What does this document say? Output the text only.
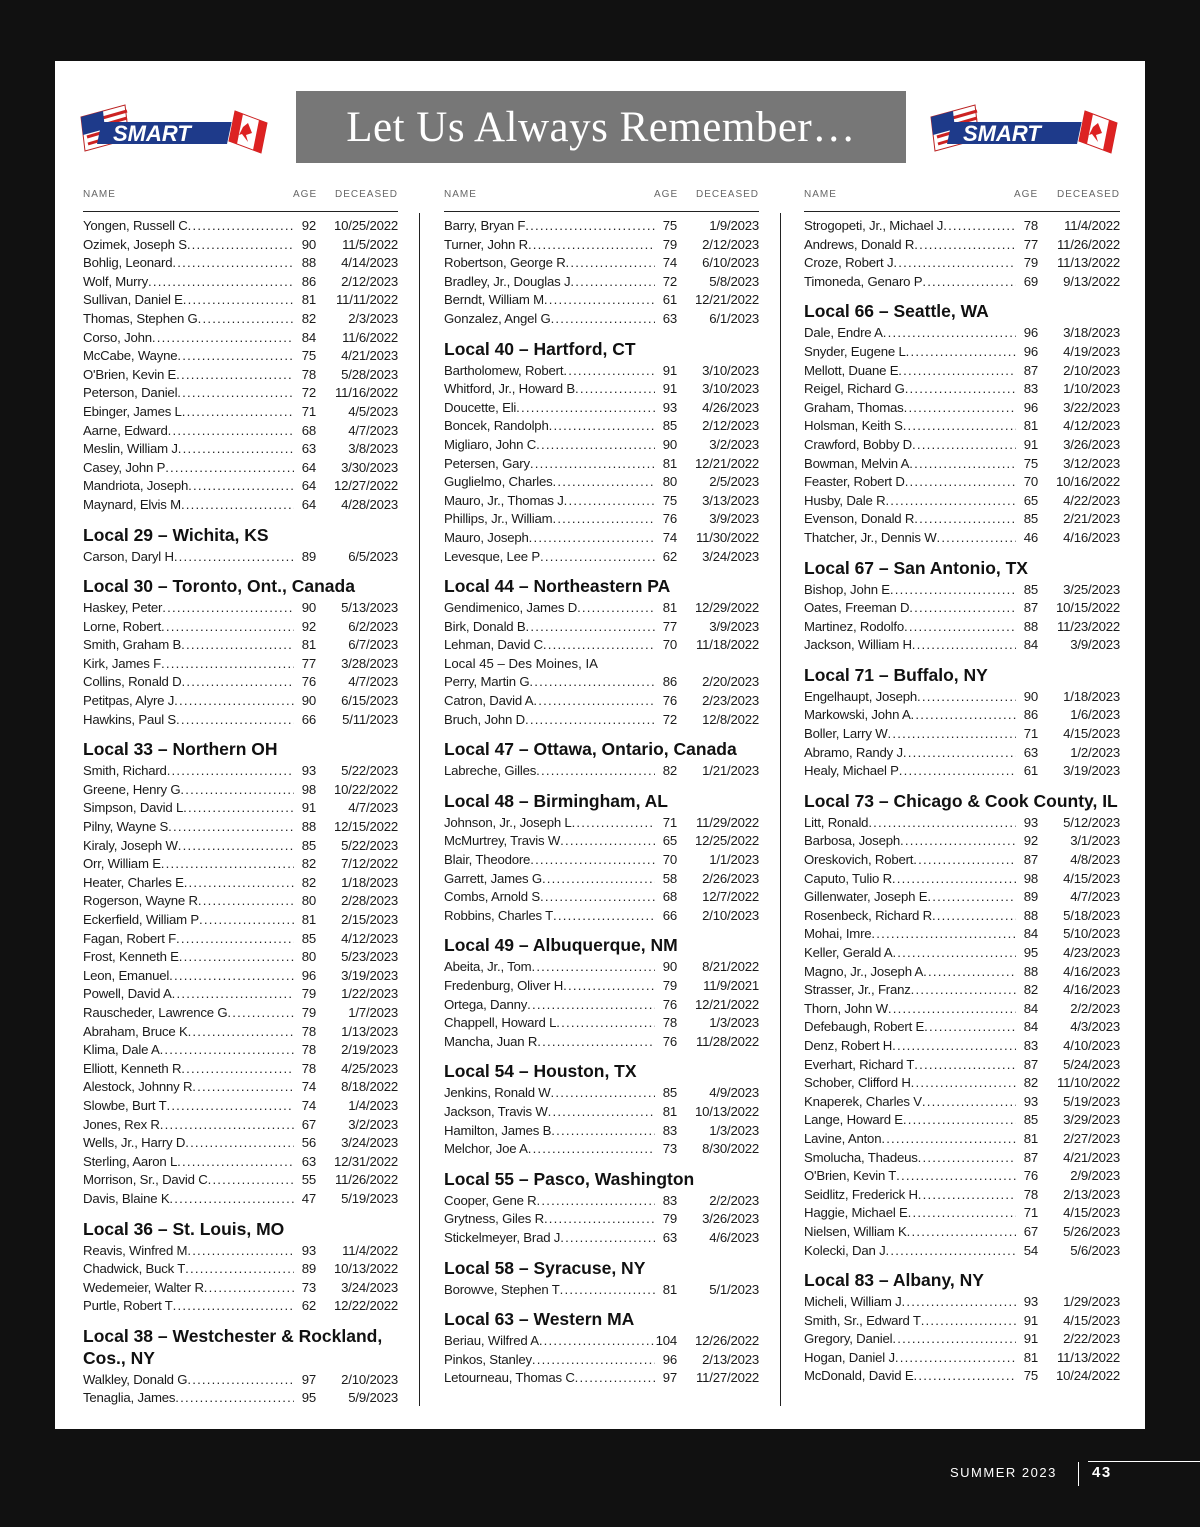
SMART	Let Us Always Remember…	SMART
NAME	AGE DECEASED	NAME	AGE DECEASED	NAME	AGE DECEASED
Yongen, Russell C .....	92	10/25/2022
Ozimek, Joseph S .....	90	11/5/2022
Bohlig, Leonard .....	88	4/14/2023
Wolf, Murry .....	86	2/12/2023
Sullivan, Daniel E .....	81	11/11/2022
Thomas, Stephen G .....	82	2/3/2023
Corso, John .....	84	11/6/2022
McCabe, Wayne .....	75	4/21/2023
O'Brien, Kevin E .....	78	5/28/2023
Peterson, Daniel .....	72	11/16/2022
Ebinger, James L .....	71	4/5/2023
Aarne, Edward .....	68	4/7/2023
Meslin, William J .....	63	3/8/2023
Casey, John P .....	64	3/30/2023
Mandriota, Joseph .....	64	12/27/2022
Maynard, Elvis M .....	64	4/28/2023
Local 29 – Wichita, KS
Carson, Daryl H .....	89	6/5/2023
Local 30 – Toronto, Ont., Canada
Haskey, Peter .....	90	5/13/2023
Lorne, Robert .....	92	6/2/2023
Smith, Graham B .....	81	6/7/2023
Kirk, James F .....	77	3/28/2023
Collins, Ronald D .....	76	4/7/2023
Petitpas, Alyre J .....	90	6/15/2023
Hawkins, Paul S .....	66	5/11/2023
Local 33 – Northern OH
Smith, Richard .....	93	5/22/2023
Greene, Henry G .....	98	10/22/2022
Simpson, David L .....	91	4/7/2023
Pilny, Wayne S .....	88	12/15/2022
Kiraly, Joseph W .....	85	5/22/2023
Orr, William E .....	82	7/12/2022
Heater, Charles E .....	82	1/18/2023
Rogerson, Wayne R .....	80	2/28/2023
Eckerfield, William P .....	81	2/15/2023
Fagan, Robert F .....	85	4/12/2023
Frost, Kenneth E .....	80	5/23/2023
Leon, Emanuel .....	96	3/19/2023
Powell, David A .....	79	1/22/2023
Rauscheder, Lawrence G .....	79	1/7/2023
Abraham, Bruce K .....	78	1/13/2023
Klima, Dale A .....	78	2/19/2023
Elliott, Kenneth R .....	78	4/25/2023
Alestock, Johnny R .....	74	8/18/2022
Slowbe, Burt T .....	74	1/4/2023
Jones, Rex R .....	67	3/2/2023
Wells, Jr., Harry D .....	56	3/24/2023
Sterling, Aaron L .....	63	12/31/2022
Morrison, Sr., David C .....	55	11/26/2022
Davis, Blaine K .....	47	5/19/2023
Local 36 – St. Louis, MO
Reavis, Winfred M .....	93	11/4/2022
Chadwick, Buck T .....	89	10/13/2022
Wedemeier, Walter R .....	73	3/24/2023
Purtle, Robert T .....	62	12/22/2022
Local 38 – Westchester & Rockland, Cos., NY
Walkley, Donald G .....	97	2/10/2023
Tenaglia, James .....	95	5/9/2023
Barry, Bryan F .....	75	1/9/2023
Turner, John R .....	79	2/12/2023
Robertson, George R .....	74	6/10/2023
Bradley, Jr., Douglas J .....	72	5/8/2023
Berndt, William M .....	61	12/21/2022
Gonzalez, Angel G .....	63	6/1/2023
Local 40 – Hartford, CT
Bartholomew, Robert .....	91	3/10/2023
Whitford, Jr., Howard B .....	91	3/10/2023
Doucette, Eli .....	93	4/26/2023
Boncek, Randolph .....	85	2/12/2023
Migliaro, John C .....	90	3/2/2023
Petersen, Gary .....	81	12/21/2022
Guglielmo, Charles .....	80	2/5/2023
Mauro, Jr., Thomas J .....	75	3/13/2023
Phillips, Jr., William .....	76	3/9/2023
Mauro, Joseph .....	74	11/30/2022
Levesque, Lee P .....	62	3/24/2023
Local 44 – Northeastern PA
Gendimenico, James D .....	81	12/29/2022
Birk, Donald B .....	77	3/9/2023
Lehman, David C .....	70	11/18/2022
Local 45 – Des Moines, IA
Perry, Martin G .....	86	2/20/2023
Catron, David A .....	76	2/23/2023
Bruch, John D .....	72	12/8/2022
Local 47 – Ottawa, Ontario, Canada
Labreche, Gilles .....	82	1/21/2023
Local 48 – Birmingham, AL
Johnson, Jr., Joseph L .....	71	11/29/2022
McMurtrey, Travis W .....	65	12/25/2022
Blair, Theodore .....	70	1/1/2023
Garrett, James G .....	58	2/26/2023
Combs, Arnold S .....	68	12/7/2022
Robbins, Charles T .....	66	2/10/2023
Local 49 – Albuquerque, NM
Abeita, Jr., Tom .....	90	8/21/2022
Fredenburg, Oliver H .....	79	11/9/2021
Ortega, Danny .....	76	12/21/2022
Chappell, Howard L .....	78	1/3/2023
Mancha, Juan R .....	76	11/28/2022
Local 54 – Houston, TX
Jenkins, Ronald W .....	85	4/9/2023
Jackson, Travis W .....	81	10/13/2022
Hamilton, James B .....	83	1/3/2023
Melchor, Joe A .....	73	8/30/2022
Local 55 – Pasco, Washington
Cooper, Gene R .....	83	2/2/2023
Grytness, Giles R .....	79	3/26/2023
Stickelmeyer, Brad J .....	63	4/6/2023
Local 58 – Syracuse, NY
Borowve, Stephen T .....	81	5/1/2023
Local 63 – Western MA
Beriau, Wilfred A .....	104	12/26/2022
Pinkos, Stanley .....	96	2/13/2023
Letourneau, Thomas C .....	97	11/27/2022
Strogopeti, Jr., Michael J .....	78	11/4/2022
Andrews, Donald R .....	77	11/26/2022
Croze, Robert J .....	79	11/13/2022
Timoneda, Genaro P .....	69	9/13/2022
Local 66 – Seattle, WA
Dale, Endre A .....	96	3/18/2023
Snyder, Eugene L .....	96	4/19/2023
Mellott, Duane E .....	87	2/10/2023
Reigel, Richard G .....	83	1/10/2023
Graham, Thomas .....	96	3/22/2023
Holsman, Keith S .....	81	4/12/2023
Crawford, Bobby D .....	91	3/26/2023
Bowman, Melvin A .....	75	3/12/2023
Feaster, Robert D .....	70	10/16/2022
Husby, Dale R .....	65	4/22/2023
Evenson, Donald R .....	85	2/21/2023
Thatcher, Jr., Dennis W .....	46	4/16/2023
Local 67 – San Antonio, TX
Bishop, John E .....	85	3/25/2023
Oates, Freeman D .....	87	10/15/2022
Martinez, Rodolfo .....	88	11/23/2022
Jackson, William H .....	84	3/9/2023
Local 71 – Buffalo, NY
Engelhaupt, Joseph .....	90	1/18/2023
Markowski, John A .....	86	1/6/2023
Boller, Larry W .....	71	4/15/2023
Abramo, Randy J .....	63	1/2/2023
Healy, Michael P .....	61	3/19/2023
Local 73 – Chicago & Cook County, IL
Litt, Ronald .....	93	5/12/2023
Barbosa, Joseph .....	92	3/1/2023
Oreskovich, Robert .....	87	4/8/2023
Caputo, Tulio R .....	98	4/15/2023
Gillenwater, Joseph E .....	89	4/7/2023
Rosenbeck, Richard R .....	88	5/18/2023
Mohai, Imre .....	84	5/10/2023
Keller, Gerald A .....	95	4/23/2023
Magno, Jr., Joseph A .....	88	4/16/2023
Strasser, Jr., Franz .....	82	4/16/2023
Thorn, John W .....	84	2/2/2023
Defebaugh, Robert E .....	84	4/3/2023
Denz, Robert H .....	83	4/10/2023
Everhart, Richard T .....	87	5/24/2023
Schober, Clifford H .....	82	11/10/2022
Knaperek, Charles V .....	93	5/19/2023
Lange, Howard E .....	85	3/29/2023
Lavine, Anton .....	81	2/27/2023
Smolucha, Thadeus .....	87	4/21/2023
O'Brien, Kevin T .....	76	2/9/2023
Seidlitz, Frederick H .....	78	2/13/2023
Haggie, Michael E .....	71	4/15/2023
Nielsen, William K .....	67	5/26/2023
Kolecki, Dan J .....	54	5/6/2023
Local 83 – Albany, NY
Micheli, William J .....	93	1/29/2023
Smith, Sr., Edward T .....	91	4/15/2023
Gregory, Daniel .....	91	2/22/2023
Hogan, Daniel J .....	81	11/13/2022
McDonald, David E .....	75	10/24/2022
SUMMER 2023 43
